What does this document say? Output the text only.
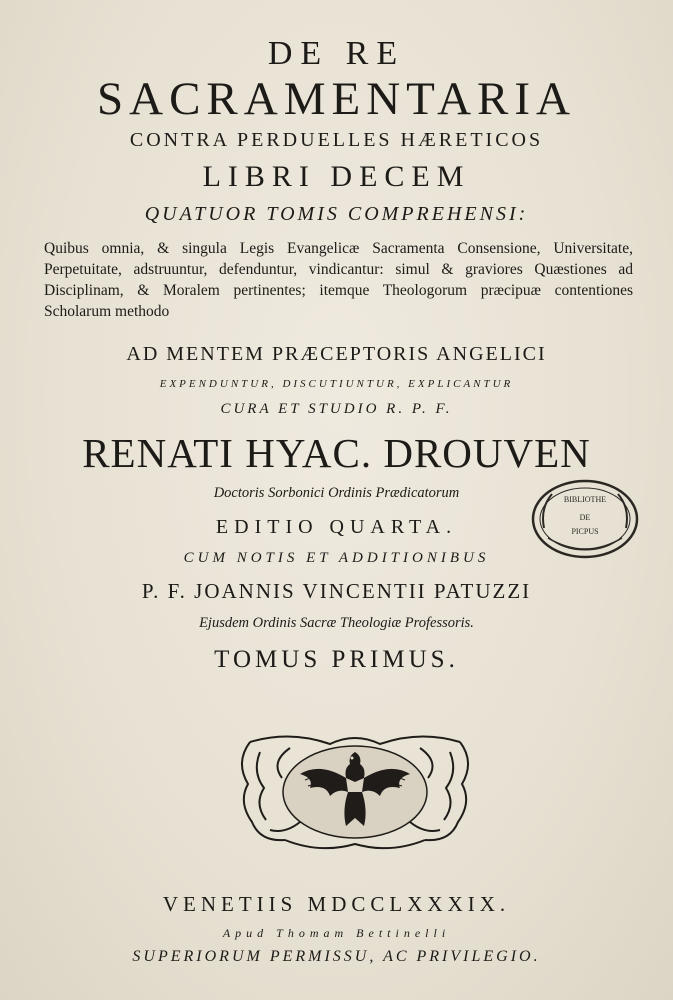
DE RE
SACRAMENTARIA
CONTRA PERDUELLES HÆRETICOS
LIBRI DECEM
QUATUOR TOMIS COMPREHENSI:
Quibus omnia, & singula Legis Evangelicæ Sacramenta Consensione, Universitate, Perpetuitate, adstruuntur, defenduntur, vindicantur: simul & graviores Quæstiones ad Disciplinam, & Moralem pertinentes; itemque Theologorum præcipuæ contentiones Scholarum methodo
AD MENTEM PRÆCEPTORIS ANGELICI
EXPENDUNTUR, DISCUTIUNTUR, EXPLICANTUR
CURA ET STUDIO R. P. F.
RENATI HYAC. DROUVEN
Doctoris Sorbonici Ordinis Prædicatorum
EDITIO QUARTA.
CUM NOTIS ET ADDITIONIBUS
P. F. JOANNIS VINCENTII PATUZZI
Ejusdem Ordinis Sacræ Theologiæ Professoris.
TOMUS PRIMUS.
BIBLIOTHE
DE
PICPUS
VENETIIS MDCCLXXXIX.
Apud Thomam Bettinelli
SUPERIORUM PERMISSU, AC PRIVILEGIO.
